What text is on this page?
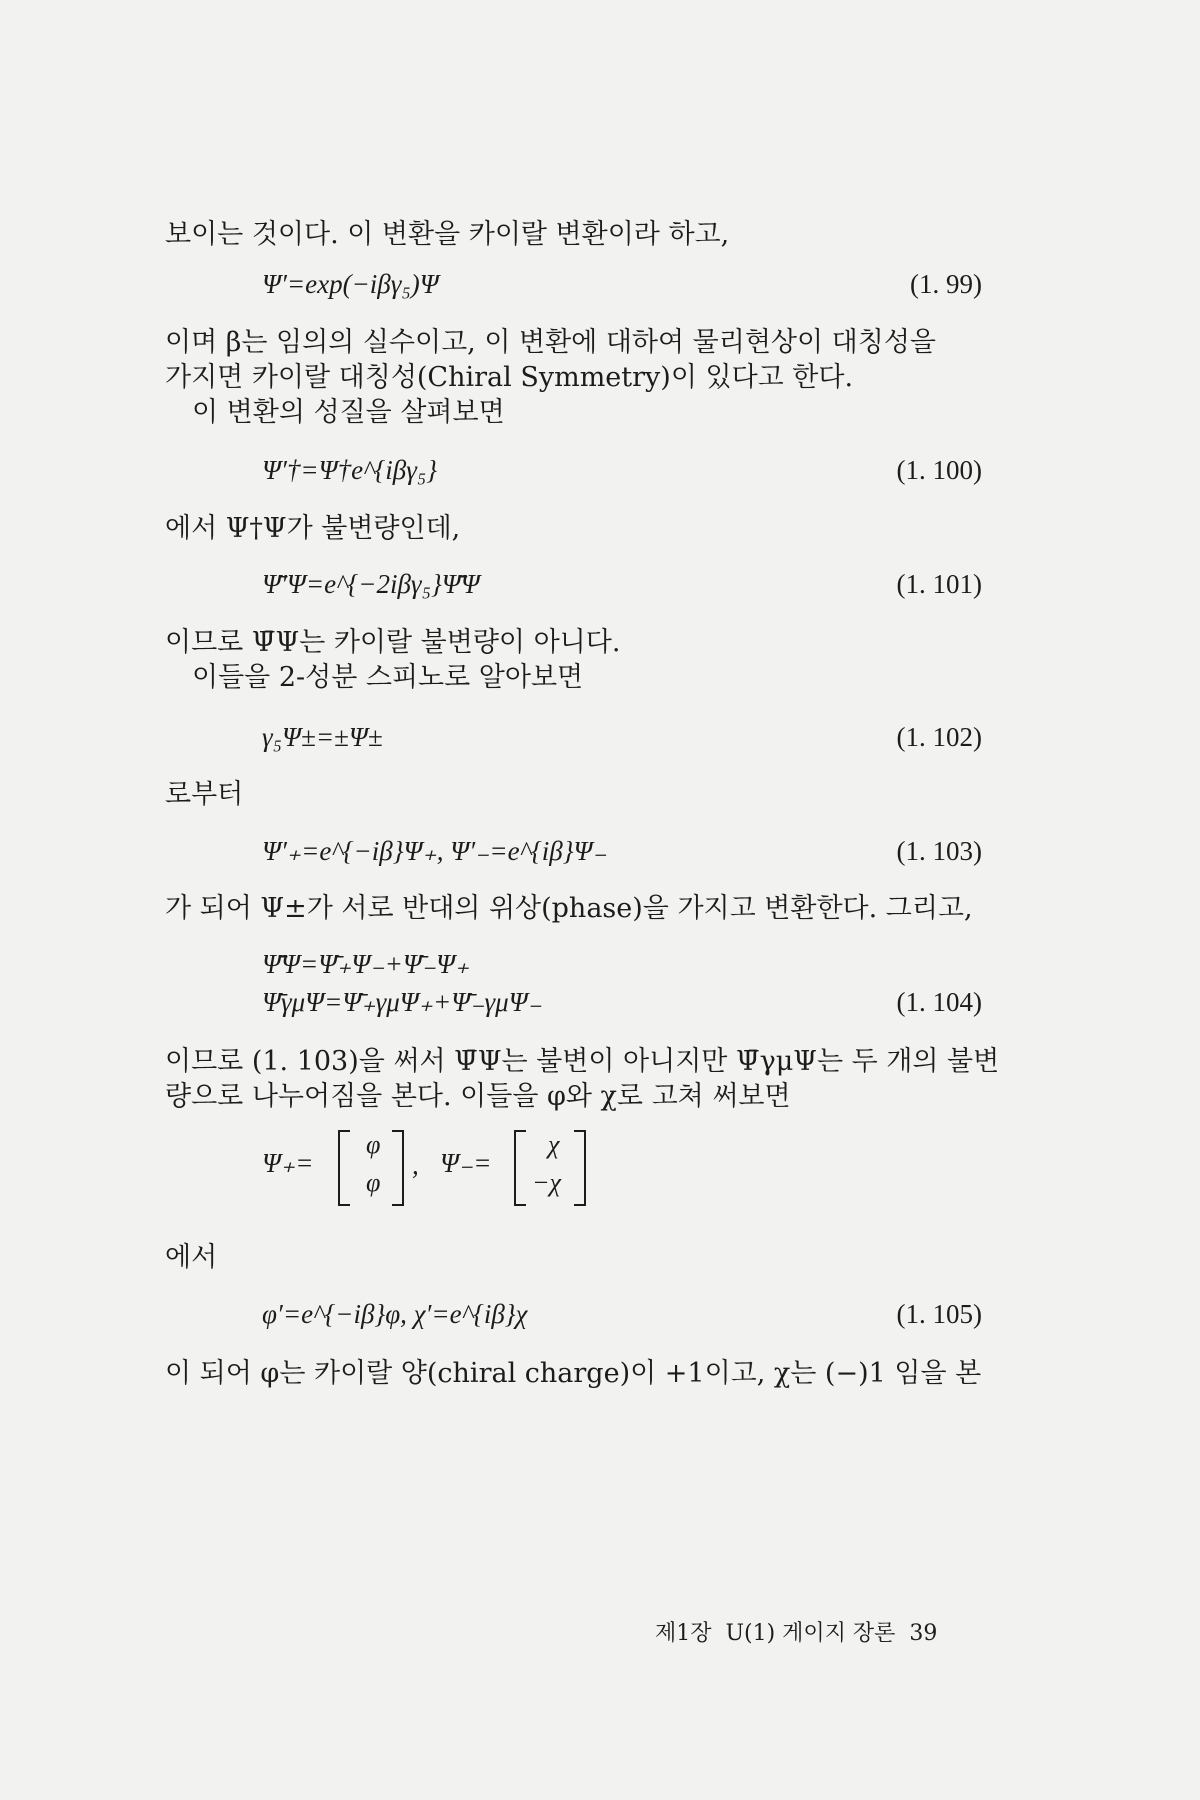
보이는 것이다. 이 변환을 카이랄 변환이라 하고,
Ψ′=exp(−iβγ₅)Ψ	(1. 99)
이며 β는 임의의 실수이고, 이 변환에 대하여 물리현상이 대칭성을
가지면 카이랄 대칭성(Chiral Symmetry)이 있다고 한다.
이 변환의 성질을 살펴보면
Ψ′†=Ψ†e^{iβγ₅}	(1. 100)
에서 Ψ†Ψ가 불변량인데,
Ψ̄′Ψ=e^{−2iβγ₅}Ψ̄Ψ	(1. 101)
이므로 Ψ̄Ψ는 카이랄 불변량이 아니다.
이들을 2-성분 스피노로 알아보면
γ₅Ψ±=±Ψ±	(1. 102)
로부터
Ψ′₊=e^{−iβ}Ψ₊, Ψ′₋=e^{iβ}Ψ₋	(1. 103)
가 되어 Ψ±가 서로 반대의 위상(phase)을 가지고 변환한다. 그리고,
Ψ̄Ψ=Ψ̄₊Ψ₋+Ψ̄₋Ψ₊
Ψ̄γμΨ=Ψ̄₊γμΨ₊+Ψ̄₋γμΨ₋	(1. 104)
이므로 (1. 103)을 써서 Ψ̄Ψ는 불변이 아니지만 Ψ̄γμΨ는 두 개의 불변
량으로 나누어짐을 본다. 이들을 φ와 χ로 고쳐 써보면
Ψ₊=
φ
φ
, Ψ₋=
χ
−χ
에서
φ′=e^{−iβ}φ, χ′=e^{iβ}χ	(1. 105)
이 되어 φ는 카이랄 양(chiral charge)이 +1이고, χ는 (−)1 임을 본
제1장  U(1) 게이지 장론  39
